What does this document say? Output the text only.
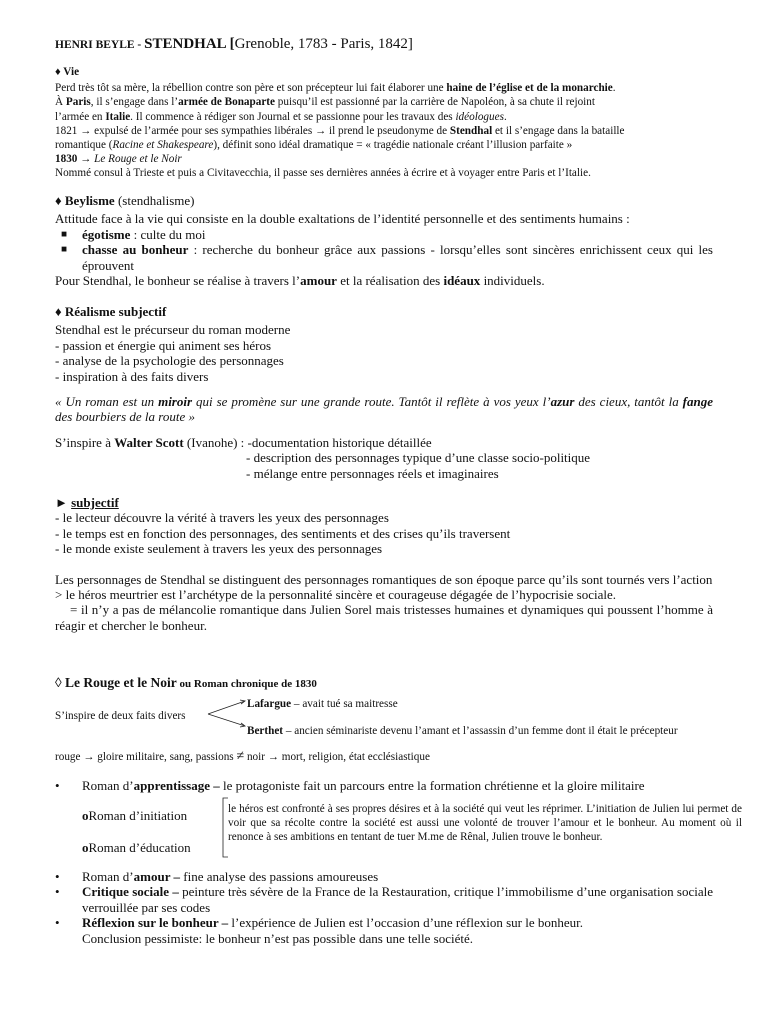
HENRI BEYLE - STENDHAL [Grenoble, 1783 - Paris, 1842]
♦ Vie
Perd très tôt sa mère, la rébellion contre son père et son précepteur lui fait élaborer une haine de l’église et de la monarchie.
À Paris, il s’engage dans l’armée de Bonaparte puisqu’il est passionné par la carrière de Napoléon, à sa chute il rejoint
l’armée en Italie. Il commence à rédiger son Journal et se passionne pour les travaux des idéologues.
1821 → expulsé de l’armée pour ses sympathies libérales → il prend le pseudonyme de Stendhal et il s’engage dans la bataille
romantique (Racine et Shakespeare), définit sono idéal dramatique = « tragédie nationale créant l’illusion parfaite »
1830 → Le Rouge et le Noir
Nommé consul à Trieste et puis a Civitavecchia, il passe ses dernières années à écrire et à voyager entre Paris et l’Italie.
♦ Beylisme (stendhalisme)
Attitude face à la vie qui consiste en la double exaltations de l’identité personnelle et des sentiments humains :
■ égotisme : culte du moi
■ chasse au bonheur : recherche du bonheur grâce aux passions - lorsqu’elles sont sincères enrichissent ceux qui les éprouvent
Pour Stendhal, le bonheur se réalise à travers l’amour et la réalisation des idéaux individuels.
♦ Réalisme subjectif
Stendhal est le précurseur du roman moderne
- passion et énergie qui animent ses héros
- analyse de la psychologie des personnages
- inspiration à des faits divers
« Un roman est un miroir qui se promène sur une grande route. Tantôt il reflète à vos yeux l’azur des cieux, tantôt la fange des bourbiers de la route »
S’inspire à Walter Scott (Ivanohe) : -documentation historique détaillée
- description des personnages typique d’une classe socio-politique
- mélange entre personnages réels et imaginaires
► subjectif
- le lecteur découvre la vérité à travers les yeux des personnages
- le temps est en fonction des personnages, des sentiments et des crises qu’ils traversent
- le monde existe seulement à travers les yeux des personnages
Les personnages de Stendhal se distinguent des personnages romantiques de son époque parce qu’ils sont tournés vers l’action
> le héros meurtrier est l’archétype de la personnalité sincère et courageuse dégagée de l’hypocrisie sociale.
= il n’y a pas de mélancolie romantique dans Julien Sorel mais tristesses humaines et dynamiques qui poussent l’homme à réagir et chercher le bonheur.
◊ Le Rouge et le Noir ou Roman chronique de 1830
S’inspire de deux faits divers
Lafargue – avait tué sa maitresse
Berthet – ancien séminariste devenu l’amant et l’assassin d’un femme dont il était le précepteur
rouge → gloire militaire, sang, passions ≠ noir → mort, religion, état ecclésiastique
• Roman d’apprentissage – le protagoniste fait un parcours entre la formation chrétienne et la gloire militaire
oRoman d’initiation
oRoman d’éducation
le héros est confronté à ses propres désires et à la société qui veut les réprimer. L’initiation de Julien lui permet de voir que sa récolte contre la société est aussi une volonté de trouver l’amour et le bonheur. Au moment où il renonce à ses ambitions en tentant de tuer M.me de Rênal, Julien trouve le bonheur.
• Roman d’amour – fine analyse des passions amoureuses
• Critique sociale – peinture très sévère de la France de la Restauration, critique l’immobilisme d’une organisation sociale verrouillée par ses codes
• Réflexion sur le bonheur – l’expérience de Julien est l’occasion d’une réflexion sur le bonheur.
Conclusion pessimiste: le bonheur n’est pas possible dans une telle société.
